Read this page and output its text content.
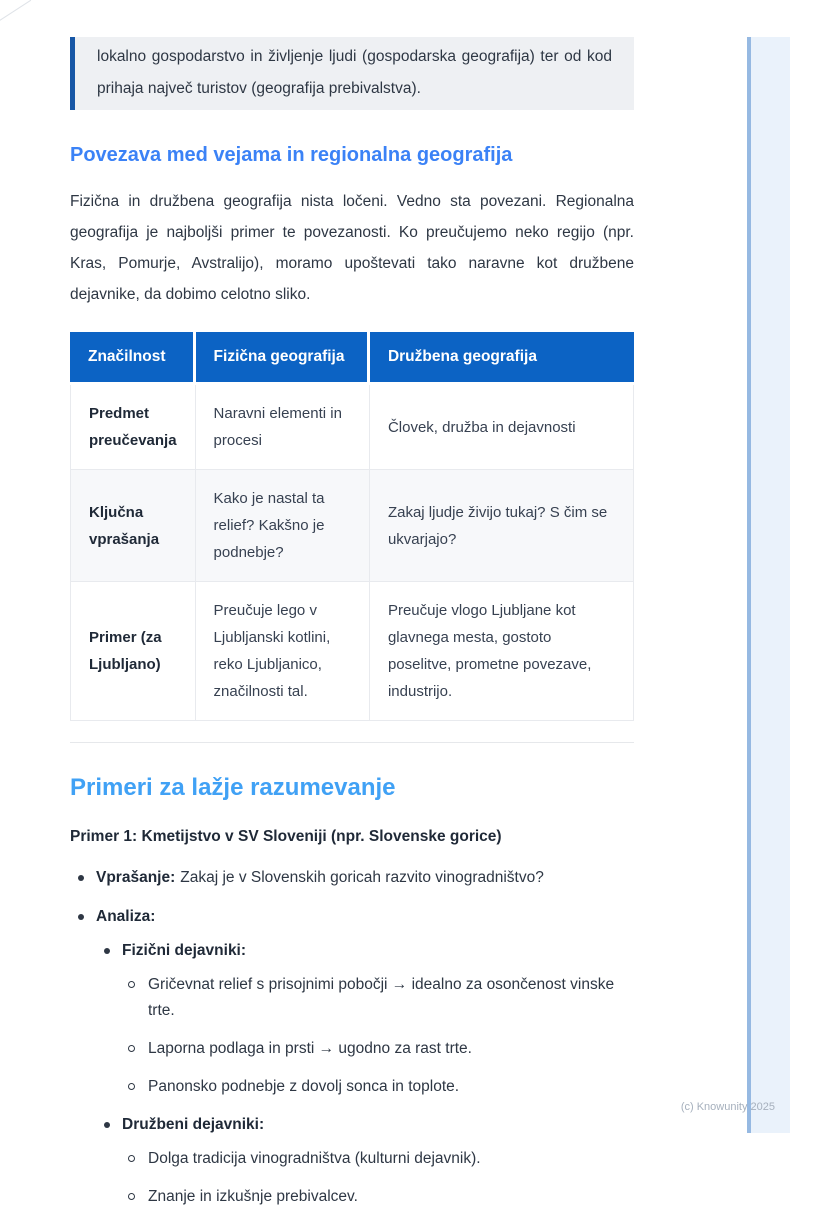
lokalno gospodarstvo in življenje ljudi (gospodarska geografija) ter od kod prihaja največ turistov (geografija prebivalstva).
Povezava med vejama in regionalna geografija

Fizična in družbena geografija nista ločeni. Vedno sta povezani. Regionalna geografija je najboljši primer te povezanosti. Ko preučujemo neko regijo (npr. Kras, Pomurje, Avstralijo), moramo upoštevati tako naravne kot družbene dejavnike, da dobimo celotno sliko.

Značilnost	Fizična geografija	Družbena geografija
Predmet preučevanja	Naravni elementi in procesi	Človek, družba in dejavnosti
Ključna vprašanja	Kako je nastal ta relief? Kakšno je podnebje?	Zakaj ljudje živijo tukaj? S čim se ukvarjajo?
Primer (za Ljubljano)	Preučuje lego v Ljubljanski kotlini, reko Ljubljanico, značilnosti tal.	Preučuje vlogo Ljubljane kot glavnega mesta, gostoto poselitve, prometne povezave, industrijo.
Primeri za lažje razumevanje
Primer 1: Kmetijstvo v SV Sloveniji (npr. Slovenske gorice)
Vprašanje: Zakaj je v Slovenskih goricah razvito vinogradništvo?
Analiza:
Fizični dejavniki:
Gričevnat relief s prisojnimi pobočji → idealno za osončenost vinske trte.
Laporna podlaga in prsti → ugodno za rast trte.
Panonsko podnebje z dovolj sonca in toplote.
Družbeni dejavniki:
Dolga tradicija vinogradništva (kulturni dejavnik).
Znanje in izkušnje prebivalcev.
(c) Knowunity 2025
